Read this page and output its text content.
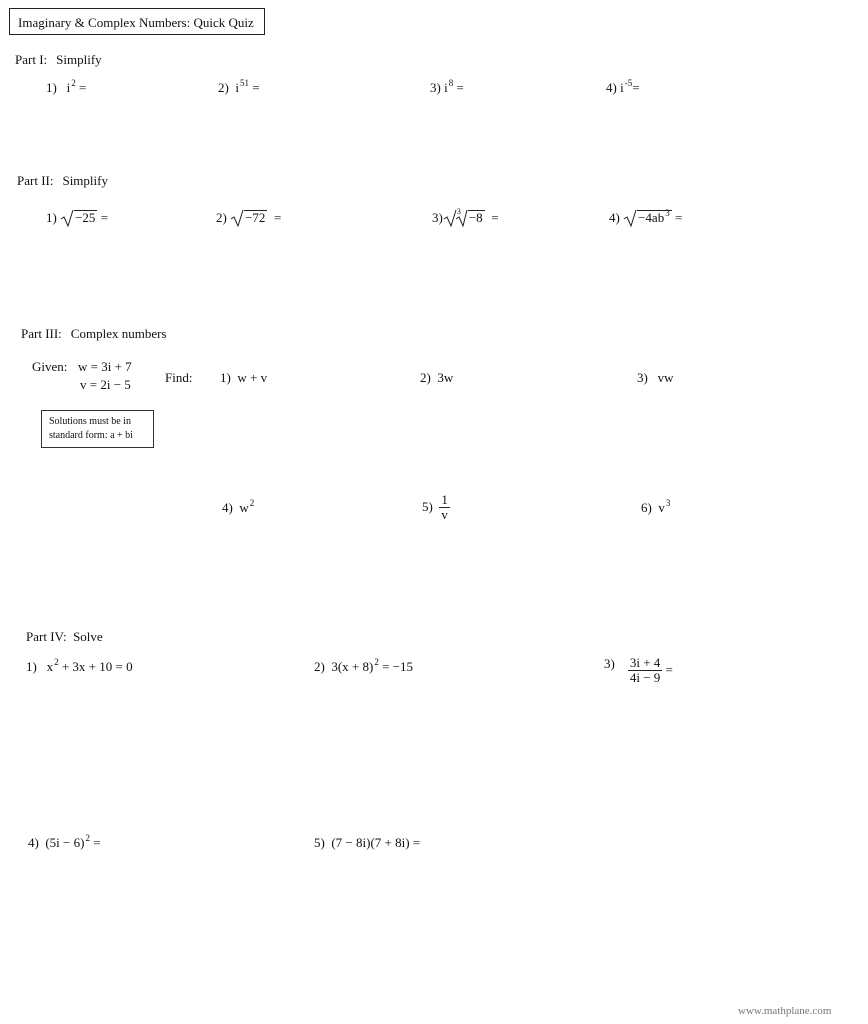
Imaginary & Complex Numbers: Quick Quiz
Part I: Simplify
1) $i^2$ =	2) $i^{51}$ =	3) $i^8$ =	4) $i^{-5}=$
Part II: Simplify
1) −25 =	2) −72 =	3) $^3$ −8 =	$4) -4ab^3$ =
Part III: Complex numbers
Given: w = 3i + 7
v = 2i − 5	Find:
Solutions must be in
standard form: a + bi
1) w + v	2) 3w	3) vw
4) $w^2$	$5) \frac{1}{v}$	6) $v^3$
Part IV: Solve
1) $x^2 + 3x + 10 = 0$	2) $3(x + 8)^2 = -15$	$3) \frac{3i + 4}{4i - 9}$ =
4) $(5i - 6)^2$ =	5) (7 − 8i)(7 + 8i) =
www.mathplane.com
